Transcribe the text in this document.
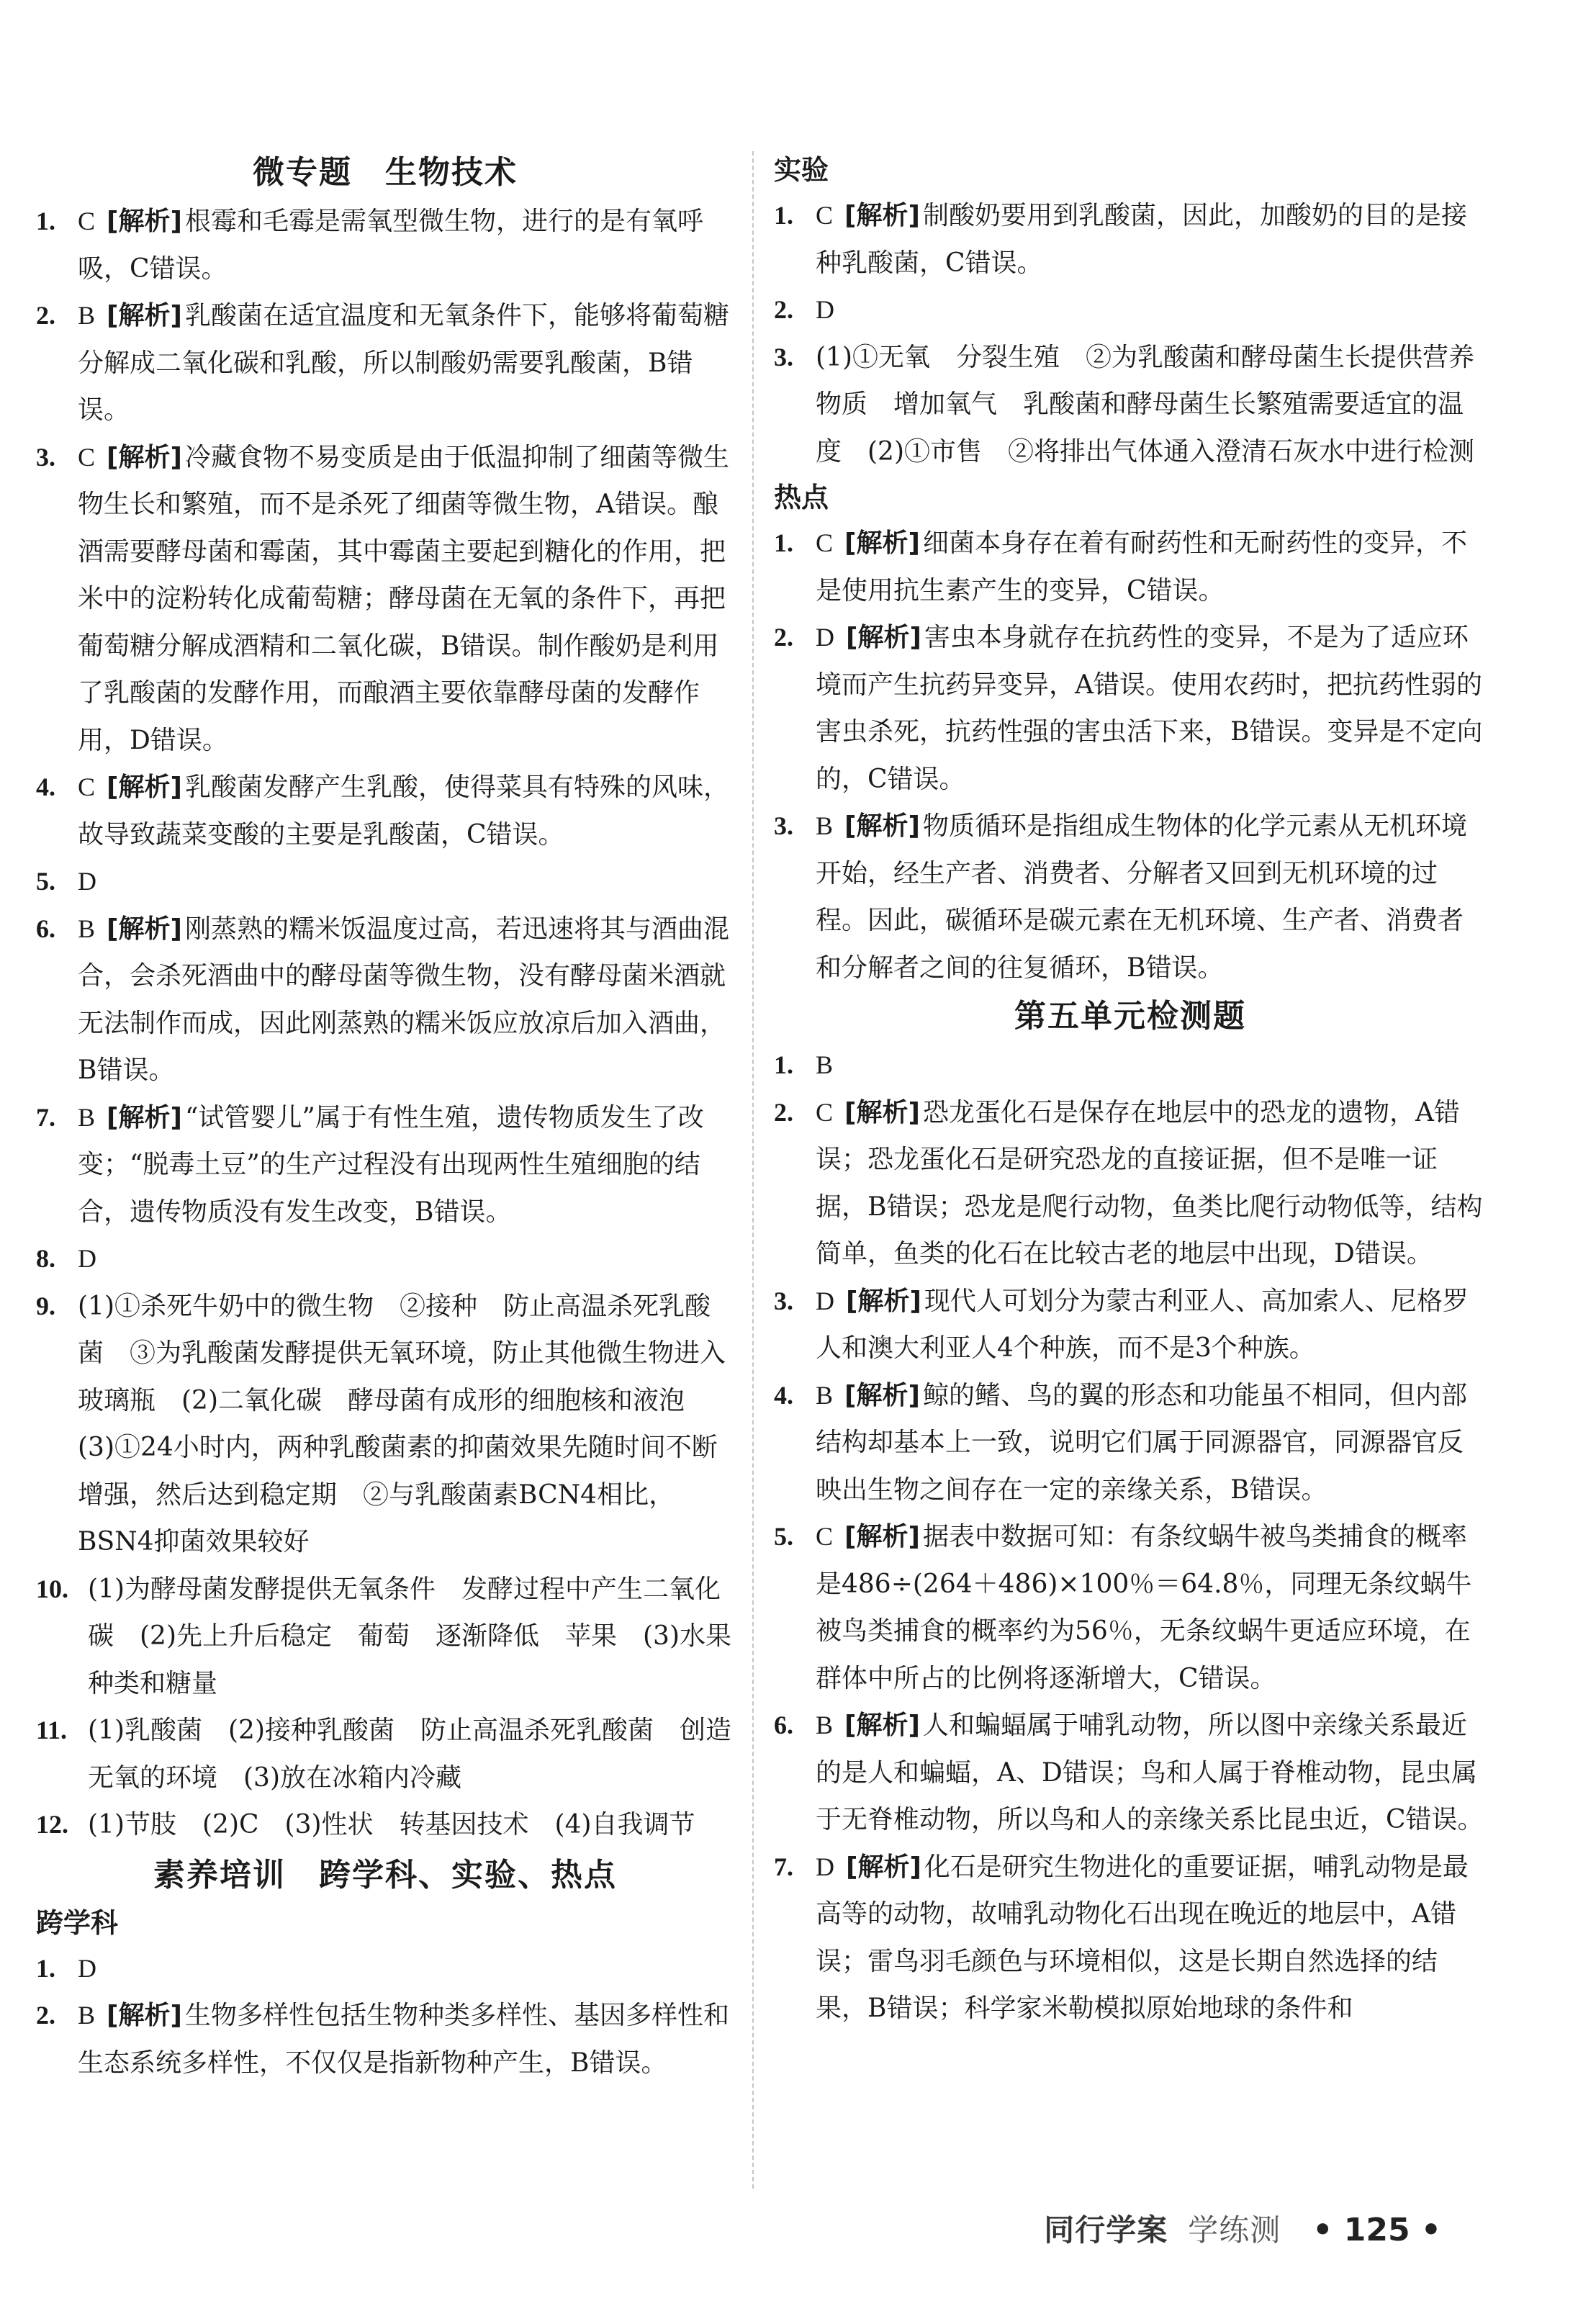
微专题　生物技术
1. C [解析] 根霉和毛霉是需氧型微生物，进行的是有氧呼吸，C错误。
2. B [解析] 乳酸菌在适宜温度和无氧条件下，能够将葡萄糖分解成二氧化碳和乳酸，所以制酸奶需要乳酸菌，B错误。
3. C [解析] 冷藏食物不易变质是由于低温抑制了细菌等微生物生长和繁殖，而不是杀死了细菌等微生物，A错误。酿酒需要酵母菌和霉菌，其中霉菌主要起到糖化的作用，把米中的淀粉转化成葡萄糖；酵母菌在无氧的条件下，再把葡萄糖分解成酒精和二氧化碳，B错误。制作酸奶是利用了乳酸菌的发酵作用，而酿酒主要依靠酵母菌的发酵作用，D错误。
4. C [解析] 乳酸菌发酵产生乳酸，使得菜具有特殊的风味，故导致蔬菜变酸的主要是乳酸菌，C错误。
5. D
6. B [解析] 刚蒸熟的糯米饭温度过高，若迅速将其与酒曲混合，会杀死酒曲中的酵母菌等微生物，没有酵母菌米酒就无法制作而成，因此刚蒸熟的糯米饭应放凉后加入酒曲，B错误。
7. B [解析] “试管婴儿”属于有性生殖，遗传物质发生了改变；“脱毒土豆”的生产过程没有出现两性生殖细胞的结合，遗传物质没有发生改变，B错误。
8. D
9. (1)①杀死牛奶中的微生物　②接种　防止高温杀死乳酸菌　③为乳酸菌发酵提供无氧环境，防止其他微生物进入玻璃瓶　(2)二氧化碳　酵母菌有成形的细胞核和液泡　(3)①24小时内，两种乳酸菌素的抑菌效果先随时间不断增强，然后达到稳定期　②与乳酸菌素BCN4相比，BSN4抑菌效果较好
10. (1)为酵母菌发酵提供无氧条件　发酵过程中产生二氧化碳　(2)先上升后稳定　葡萄　逐渐降低　苹果　(3)水果种类和糖量
11. (1)乳酸菌　(2)接种乳酸菌　防止高温杀死乳酸菌　创造无氧的环境　(3)放在冰箱内冷藏
12. (1)节肢　(2)C　(3)性状　转基因技术　(4)自我调节
素养培训　跨学科、实验、热点
跨学科
1. D
2. B [解析] 生物多样性包括生物种类多样性、基因多样性和生态系统多样性，不仅仅是指新物种产生，B错误。
实验
1. C [解析] 制酸奶要用到乳酸菌，因此，加酸奶的目的是接种乳酸菌，C错误。
2. D
3. (1)①无氧　分裂生殖　②为乳酸菌和酵母菌生长提供营养物质　增加氧气　乳酸菌和酵母菌生长繁殖需要适宜的温度　(2)①市售　②将排出气体通入澄清石灰水中进行检测
热点
1. C [解析] 细菌本身存在着有耐药性和无耐药性的变异，不是使用抗生素产生的变异，C错误。
2. D [解析] 害虫本身就存在抗药性的变异，不是为了适应环境而产生抗药异变异，A错误。使用农药时，把抗药性弱的害虫杀死，抗药性强的害虫活下来，B错误。变异是不定向的，C错误。
3. B [解析] 物质循环是指组成生物体的化学元素从无机环境开始，经生产者、消费者、分解者又回到无机环境的过程。因此，碳循环是碳元素在无机环境、生产者、消费者和分解者之间的往复循环，B错误。
第五单元检测题
1. B
2. C [解析] 恐龙蛋化石是保存在地层中的恐龙的遗物，A错误；恐龙蛋化石是研究恐龙的直接证据，但不是唯一证据，B错误；恐龙是爬行动物，鱼类比爬行动物低等，结构简单，鱼类的化石在比较古老的地层中出现，D错误。
3. D [解析] 现代人可划分为蒙古利亚人、高加索人、尼格罗人和澳大利亚人4个种族，而不是3个种族。
4. B [解析] 鲸的鳍、鸟的翼的形态和功能虽不相同，但内部结构却基本上一致，说明它们属于同源器官，同源器官反映出生物之间存在一定的亲缘关系，B错误。
5. C [解析] 据表中数据可知：有条纹蜗牛被鸟类捕食的概率是486÷(264＋486)×100％＝64.8％，同理无条纹蜗牛被鸟类捕食的概率约为56％，无条纹蜗牛更适应环境，在群体中所占的比例将逐渐增大，C错误。
6. B [解析] 人和蝙蝠属于哺乳动物，所以图中亲缘关系最近的是人和蝙蝠，A、D错误；鸟和人属于脊椎动物，昆虫属于无脊椎动物，所以鸟和人的亲缘关系比昆虫近，C错误。
7. D [解析] 化石是研究生物进化的重要证据，哺乳动物是最高等的动物，故哺乳动物化石出现在晚近的地层中，A错误；雷鸟羽毛颜色与环境相似，这是长期自然选择的结果，B错误；科学家米勒模拟原始地球的条件和
同行学案 学练测 • 125 •
